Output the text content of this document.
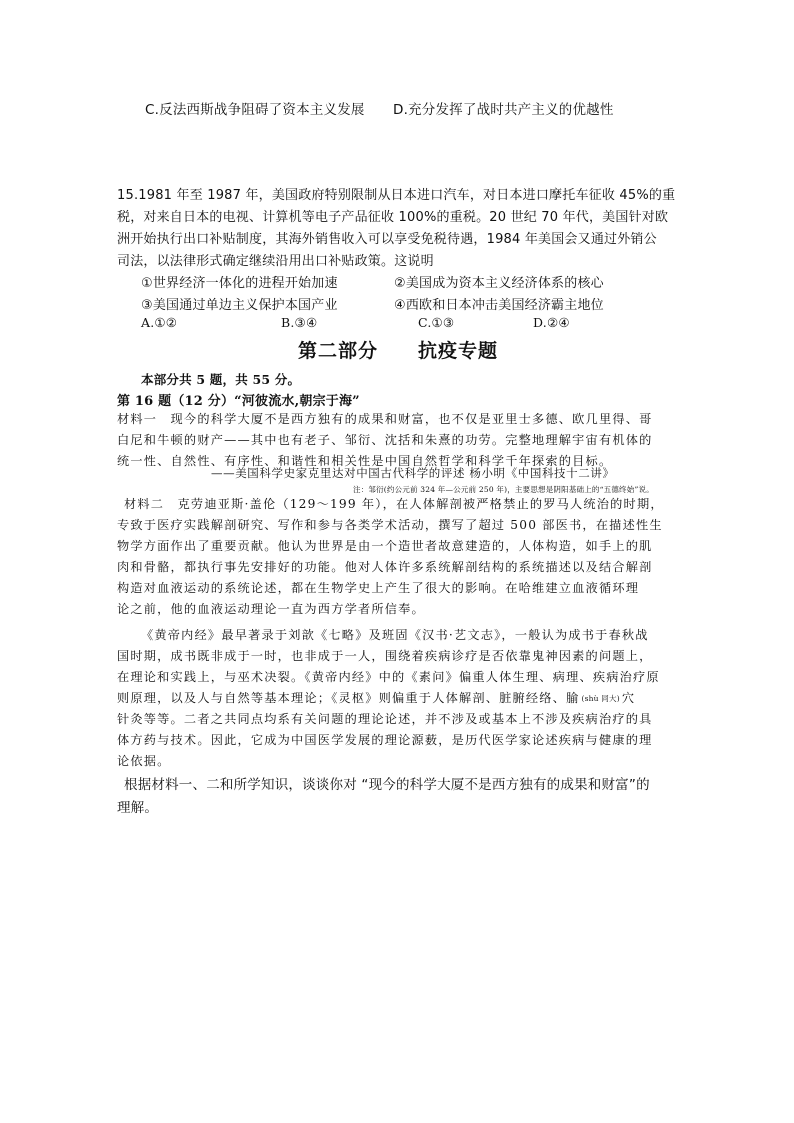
C.反法西斯战争阻碍了资本主义发展 D.充分发挥了战时共产主义的优越性
15.1981 年至 1987 年，美国政府特别限制从日本进口汽车，对日本进口摩托车征收 45%的重
税，对来自日本的电视、计算机等电子产品征收 100%的重税。20 世纪 70 年代，美国针对欧
洲开始执行出口补贴制度，其海外销售收入可以享受免税待遇，1984 年美国会又通过外销公
司法，以法律形式确定继续沿用出口补贴政策。这说明
①世界经济一体化的进程开始加速	②美国成为资本主义经济体系的核心
③美国通过单边主义保护本国产业	④西欧和日本冲击美国经济霸主地位
A.①②	B.③④	C.①③	D.②④
第二部分　　抗疫专题
本部分共 5 题，共 55 分。
第 16 题（12 分）“河彼流水,朝宗于海”
材料一　现今的科学大厦不是西方独有的成果和财富，也不仅是亚里士多德、欧几里得、哥
白尼和牛顿的财产——其中也有老子、邹衍、沈括和朱熹的功劳。完整地理解宇宙有机体的
统一性、自然性、有序性、和谐性和相关性是中国自然哲学和科学千年探索的目标。
——美国科学史家克里达对中国古代科学的评述 杨小明《中国科技十二讲》
注：邹衍(约公元前 324 年—公元前 250 年)，主要思想是阴阳基础上的“五德终始”说。
材料二　克劳迪亚斯·盖伦（129～199 年），在人体解剖被严格禁止的罗马人统治的时期，
专致于医疗实践解剖研究、写作和参与各类学术活动，撰写了超过 500 部医书，在描述性生
物学方面作出了重要贡献。他认为世界是由一个造世者故意建造的，人体构造，如手上的肌
肉和骨骼，都执行事先安排好的功能。他对人体许多系统解剖结构的系统描述以及结合解剖
构造对血液运动的系统论述，都在生物学史上产生了很大的影响。在哈维建立血液循环理
论之前，他的血液运动理论一直为西方学者所信奉。
《黄帝内经》最早著录于刘歆《七略》及班固《汉书·艺文志》，一般认为成书于春秋战
国时期，成书既非成于一时，也非成于一人，围绕着疾病诊疗是否依靠鬼神因素的问题上，
在理论和实践上，与巫术决裂。《黄帝内经》中的《素问》偏重人体生理、病理、疾病治疗原
则原理，以及人与自然等基本理论；《灵枢》则偏重于人体解剖、脏腑经络、腧 (shù 同大) 穴
针灸等等。二者之共同点均系有关问题的理论论述，并不涉及或基本上不涉及疾病治疗的具
体方药与技术。因此，它成为中国医学发展的理论源薮，是历代医学家论述疾病与健康的理
论依据。
根据材料一、二和所学知识，谈谈你对 “现今的科学大厦不是西方独有的成果和财富”的
理解。
